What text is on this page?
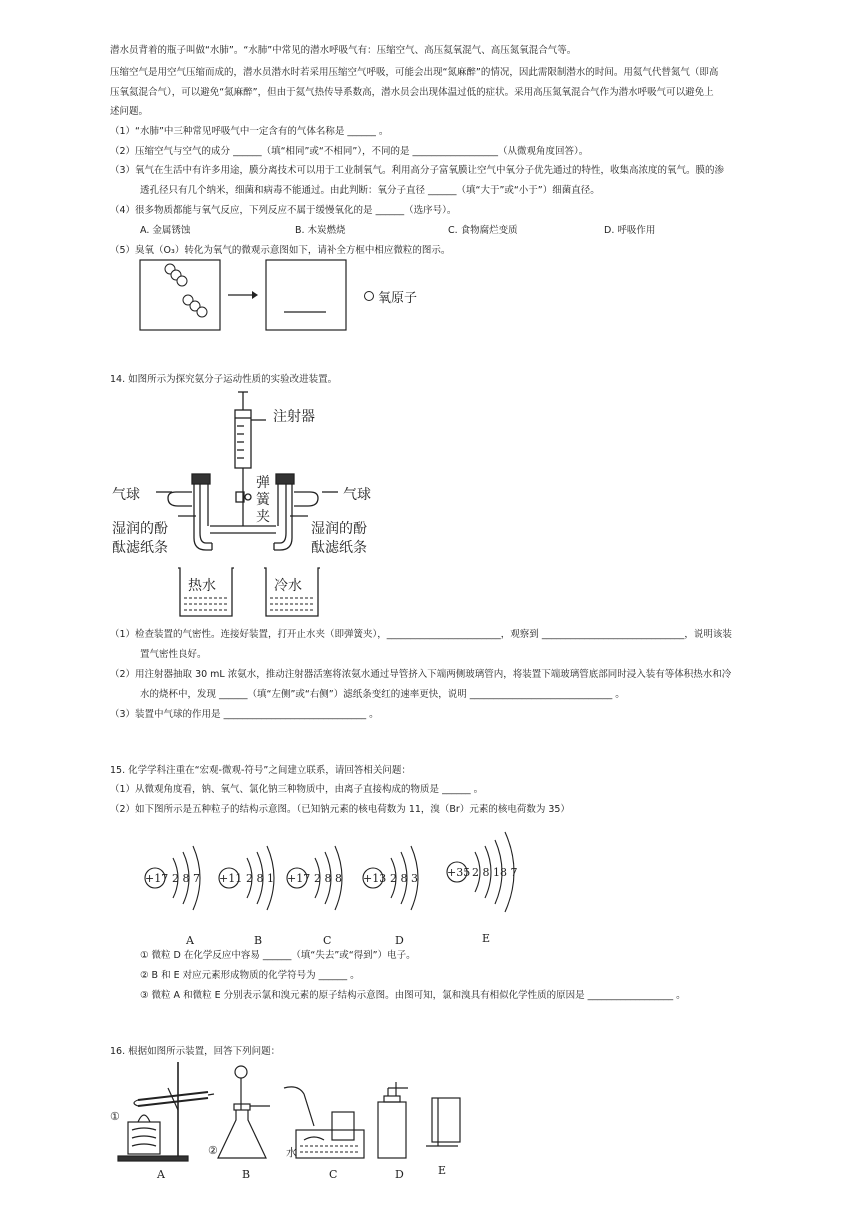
潜水员背着的瓶子叫做“水肺”。“水肺”中常见的潜水呼吸气有：压缩空气、高压氦氧混气、高压氮氧混合气等。
压缩空气是用空气压缩而成的，潜水员潜水时若采用压缩空气呼吸，可能会出现“氮麻醉”的情况，因此需限制潜水的时间。用氦气代替氮气（即高
压氧氦混合气），可以避免“氮麻醉”，但由于氦气热传导系数高，潜水员会出现体温过低的症状。采用高压氮氧混合气作为潜水呼吸气可以避免上
述问题。
（1）“水肺”中三种常见呼吸气中一定含有的气体名称是 ______ 。
（2）压缩空气与空气的成分 ______（填“相同”或“不相同”），不同的是 __________________（从微观角度回答）。
（3）氧气在生活中有许多用途，膜分离技术可以用于工业制氧气。利用高分子富氧膜让空气中氧分子优先通过的特性，收集高浓度的氧气。膜的渗
透孔径只有几个纳米，细菌和病毒不能通过。由此判断：氧分子直径 ______（填“大于”或“小于”）细菌直径。
（4）很多物质都能与氧气反应，下列反应不属于缓慢氧化的是 ______（选序号）。
A. 金属锈蚀	B. 木炭燃烧	C. 食物腐烂变质	D. 呼吸作用
（5）臭氧（O₃）转化为氧气的微观示意图如下，请补全方框中相应微粒的图示。
氧原子
14. 如图所示为探究氨分子运动性质的实验改进装置。
注射器
气球	气球
弹
簧
夹
湿润的酚
酞滤纸条
湿润的酚
酞滤纸条
热水	冷水
（1）检查装置的气密性。连接好装置，打开止水夹（即弹簧夹），________________________，观察到 ______________________________，说明该装
置气密性良好。
（2）用注射器抽取 30 mL 浓氨水，推动注射器活塞将浓氨水通过导管挤入下端两侧玻璃管内，将装置下端玻璃管底部同时浸入装有等体积热水和冷
水的烧杯中，发现 ______（填“左侧”或“右侧”）滤纸条变红的速率更快，说明 ______________________________ 。
（3）装置中气球的作用是 ______________________________ 。
15. 化学学科注重在“宏观-微观-符号”之间建立联系，请回答相关问题：
（1）从微观角度看，钠、氧气、氯化钠三种物质中，由离子直接构成的物质是 ______ 。
（2）如下图所示是五种粒子的结构示意图。（已知钠元素的核电荷数为 11，溴（Br）元素的核电荷数为 35）
+17 2 8 7 +11 2 8 1 +17 2 8 8 +13 2 8 3	+35 2 8 18 7
A	B	C	D	E
① 微粒 D 在化学反应中容易 ______（填“失去”或“得到”）电子。
② B 和 E 对应元素形成物质的化学符号为 ______ 。
③ 微粒 A 和微粒 E 分别表示氯和溴元素的原子结构示意图。由图可知，氯和溴具有相似化学性质的原因是 __________________ 。
16. 根据如图所示装置，回答下列问题：
①
②	水
A	B	C	D	E
